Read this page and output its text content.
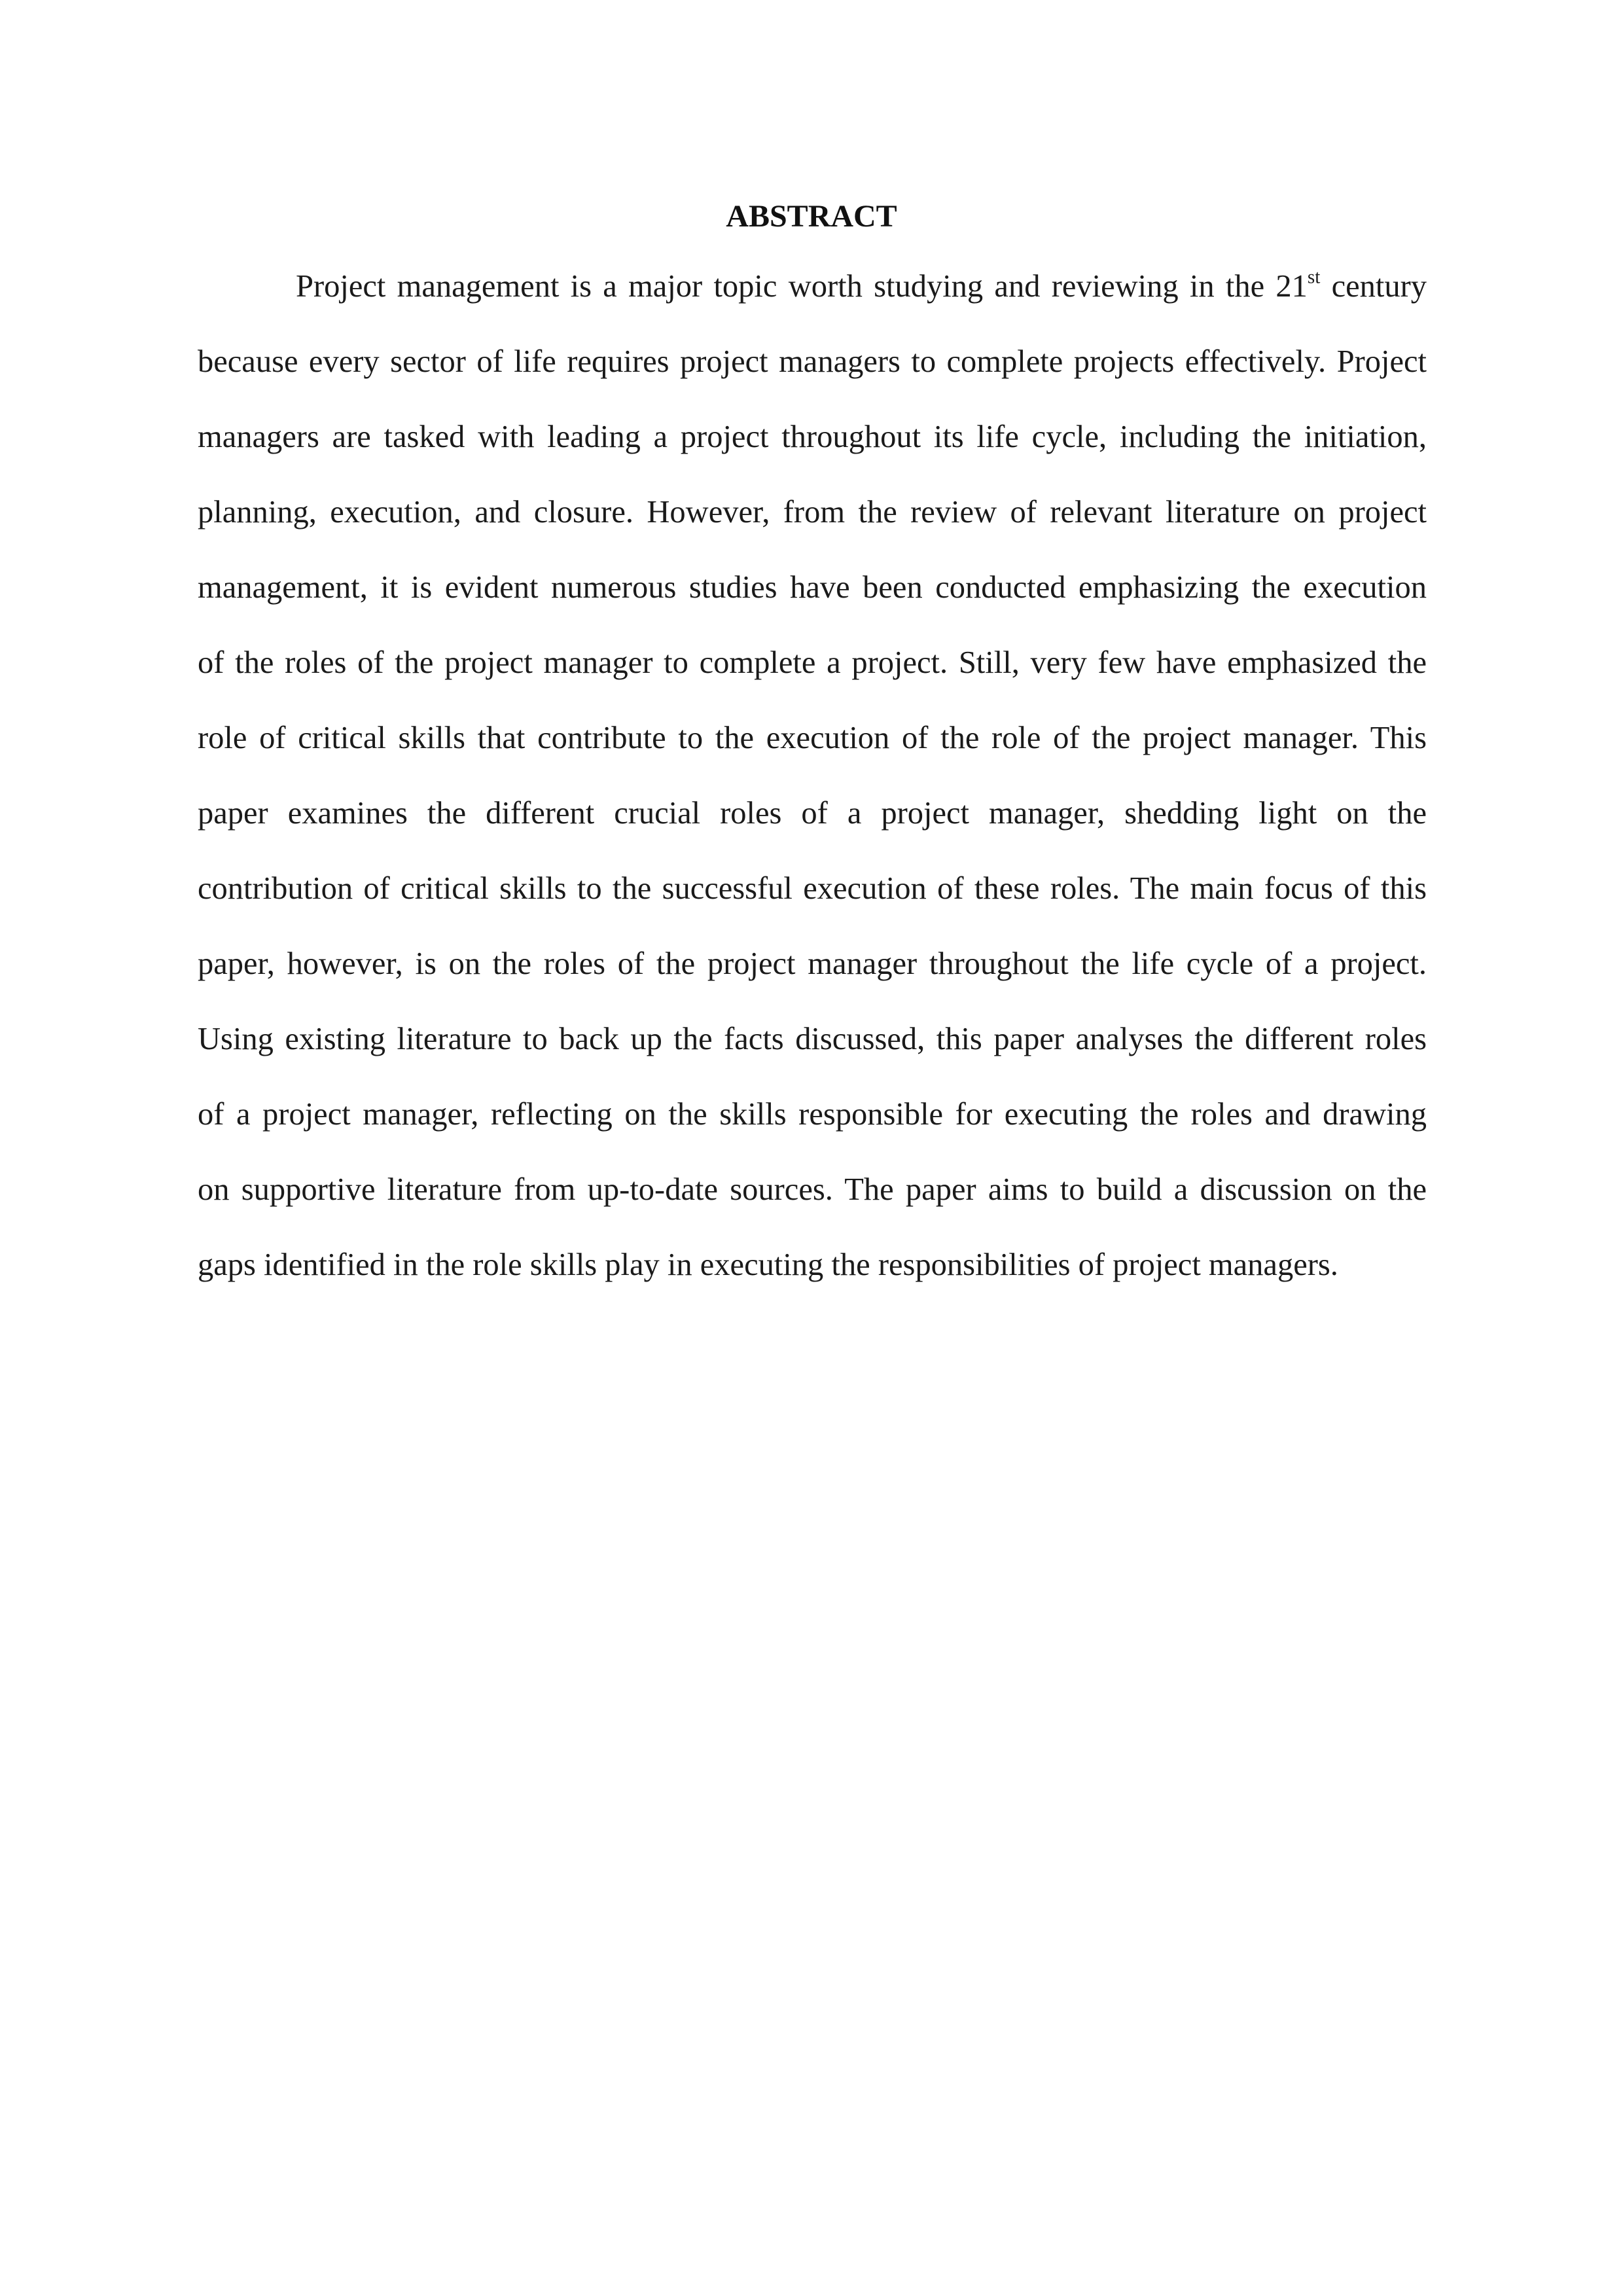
ABSTRACT
Project management is a major topic worth studying and reviewing in the 21st century
because every sector of life requires project managers to complete projects effectively. Project
managers are tasked with leading a project throughout its life cycle, including the initiation,
planning, execution, and closure. However, from the review of relevant literature on project
management, it is evident numerous studies have been conducted emphasizing the execution
of the roles of the project manager to complete a project. Still, very few have emphasized the
role of critical skills that contribute to the execution of the role of the project manager. This
paper examines the different crucial roles of a project manager, shedding light on the
contribution of critical skills to the successful execution of these roles. The main focus of this
paper, however, is on the roles of the project manager throughout the life cycle of a project.
Using existing literature to back up the facts discussed, this paper analyses the different roles
of a project manager, reflecting on the skills responsible for executing the roles and drawing
on supportive literature from up-to-date sources. The paper aims to build a discussion on the
gaps identified in the role skills play in executing the responsibilities of project managers.
